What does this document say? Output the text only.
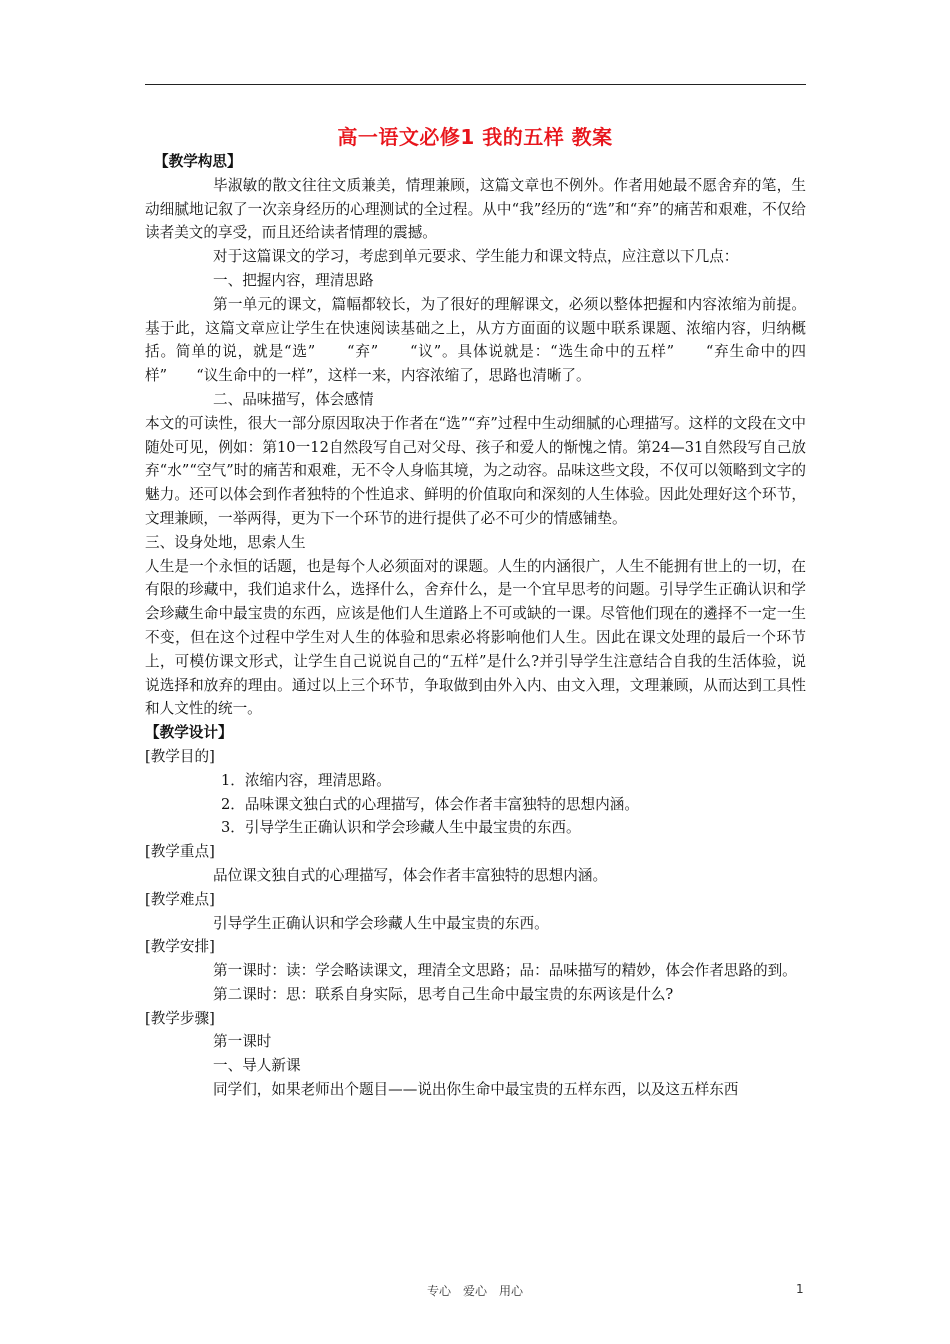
高一语文必修1 我的五样 教案

【教学构思】

毕淑敏的散文往往文质兼美，情理兼顾，这篇文章也不例外。作者用她最不愿舍弃的笔，生动细腻地记叙了一次亲身经历的心理测试的全过程。从中“我”经历的“选”和“弃”的痛苦和艰难，不仅给读者美文的享受，而且还给读者情理的震撼。

对于这篇课文的学习，考虑到单元要求、学生能力和课文特点，应注意以下几点：

一、把握内容，理清思路

第一单元的课文，篇幅都较长，为了很好的理解课文，必须以整体把握和内容浓缩为前提。基于此，这篇文章应让学生在快速阅读基础之上，从方方面面的议题中联系课题、浓缩内容，归纳概括。简单的说，就是“选”　　“弃”　　“议”。具体说就是：“选生命中的五样”　　“弃生命中的四样”　　“议生命中的一样”，这样一来，内容浓缩了，思路也清晰了。

二、品味描写，体会感情

本文的可读性，很大一部分原因取决于作者在“选”“弃”过程中生动细腻的心理描写。这样的文段在文中随处可见，例如：第10一12自然段写自己对父母、孩子和爱人的惭愧之情。第24—31自然段写自己放弃“水”“空气”时的痛苦和艰难，无不令人身临其境，为之动容。品味这些文段，不仅可以领略到文字的魅力。还可以体会到作者独特的个性追求、鲜明的价值取向和深刻的人生体验。因此处理好这个环节，文理兼顾，一举两得，更为下一个环节的进行提供了必不可少的情感铺垫。

三、设身处地，思索人生

人生是一个永恒的话题，也是每个人必须面对的课题。人生的内涵很广，人生不能拥有世上的一切，在有限的珍藏中，我们追求什么，选择什么，舍弃什么，是一个宜早思考的问题。引导学生正确认识和学会珍藏生命中最宝贵的东西，应该是他们人生道路上不可或缺的一课。尽管他们现在的遴择不一定一生不变，但在这个过程中学生对人生的体验和思索必将影响他们人生。因此在课文处理的最后一个环节上，可模仿课文形式，让学生自己说说自己的“五样”是什么?并引导学生注意结合自我的生活体验，说说选择和放弃的理由。通过以上三个环节，争取做到由外入内、由文入理，文理兼顾，从而达到工具性和人文性的统一。

【教学设计】

[教学目的]

1．浓缩内容，理清思路。

2．品味课文独白式的心理描写，体会作者丰富独特的思想内涵。

3．引导学生正确认识和学会珍藏人生中最宝贵的东西。

[教学重点]

品位课文独自式的心理描写，体会作者丰富独特的思想内涵。

[教学难点]

引导学生正确认识和学会珍藏人生中最宝贵的东西。

[教学安排]

第一课时：读：学会略读课文，理清全文思路；品：品味描写的精妙，体会作者思路的到。

第二课时：思：联系自身实际，思考自己生命中最宝贵的东两该是什么?

[教学步骤]

第一课时

一、导人新课

同学们，如果老师出个题目——说出你生命中最宝贵的五样东西，以及这五样东西

专心　爱心　用心	1
